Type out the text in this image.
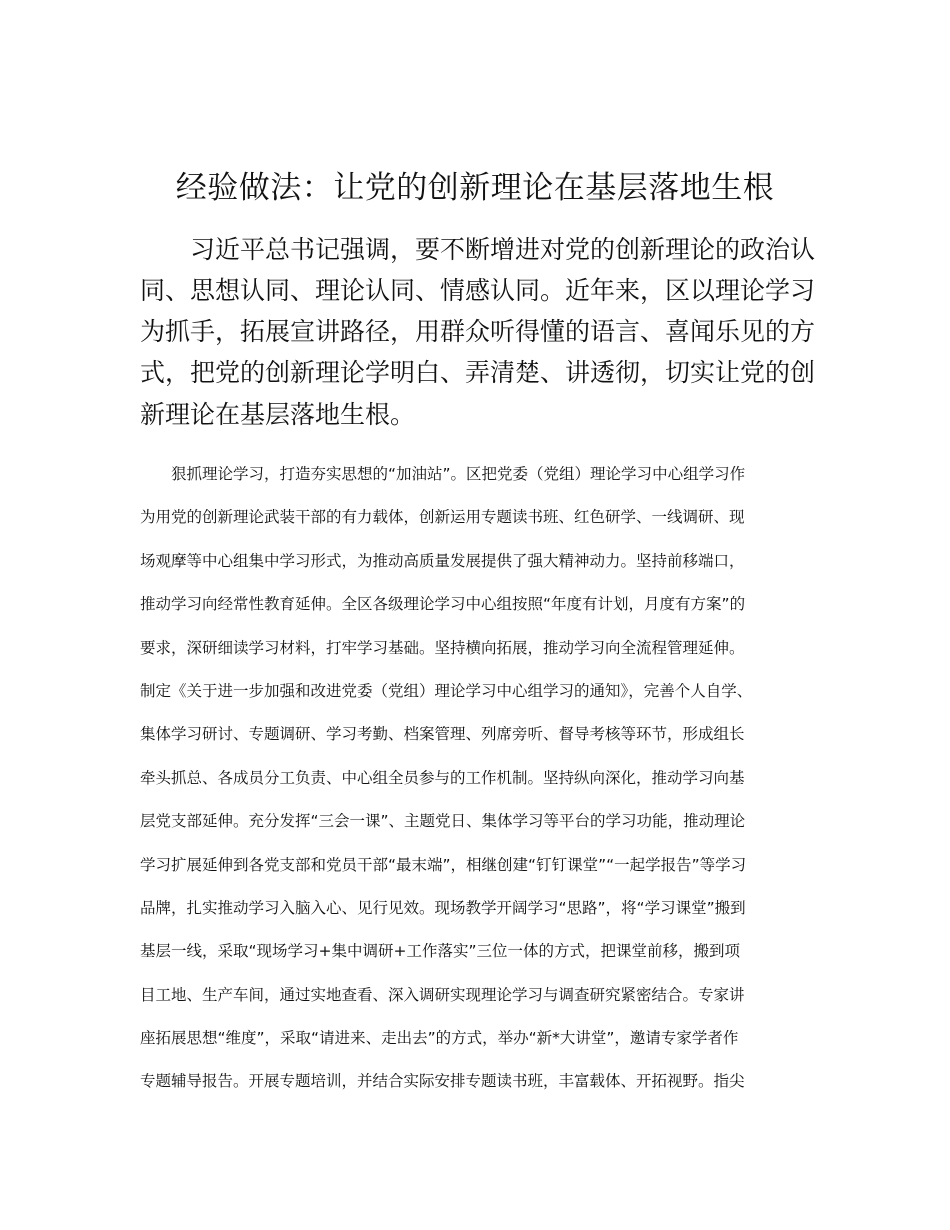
经验做法：让党的创新理论在基层落地生根

　　习近平总书记强调，要不断增进对党的创新理论的政治认

同、思想认同、理论认同、情感认同。近年来，区以理论学习

为抓手，拓展宣讲路径，用群众听得懂的语言、喜闻乐见的方

式，把党的创新理论学明白、弄清楚、讲透彻，切实让党的创

新理论在基层落地生根。

　　狠抓理论学习，打造夯实思想的“加油站”。区把党委（党组）理论学习中心组学习作

为用党的创新理论武装干部的有力载体，创新运用专题读书班、红色研学、一线调研、现

场观摩等中心组集中学习形式，为推动高质量发展提供了强大精神动力。坚持前移端口，

推动学习向经常性教育延伸。全区各级理论学习中心组按照“年度有计划，月度有方案”的

要求，深研细读学习材料，打牢学习基础。坚持横向拓展，推动学习向全流程管理延伸。

制定《关于进一步加强和改进党委（党组）理论学习中心组学习的通知》，完善个人自学、

集体学习研讨、专题调研、学习考勤、档案管理、列席旁听、督导考核等环节，形成组长

牵头抓总、各成员分工负责、中心组全员参与的工作机制。坚持纵向深化，推动学习向基

层党支部延伸。充分发挥“三会一课”、主题党日、集体学习等平台的学习功能，推动理论

学习扩展延伸到各党支部和党员干部“最末端”，相继创建“钉钉课堂”“一起学报告”等学习

品牌，扎实推动学习入脑入心、见行见效。现场教学开阔学习“思路”，将“学习课堂”搬到

基层一线，采取“现场学习+集中调研+工作落实”三位一体的方式，把课堂前移，搬到项

目工地、生产车间，通过实地查看、深入调研实现理论学习与调查研究紧密结合。专家讲

座拓展思想“维度”，采取“请进来、走出去”的方式，举办“新*大讲堂”，邀请专家学者作

专题辅导报告。开展专题培训，并结合实际安排专题读书班，丰富载体、开拓视野。指尖
